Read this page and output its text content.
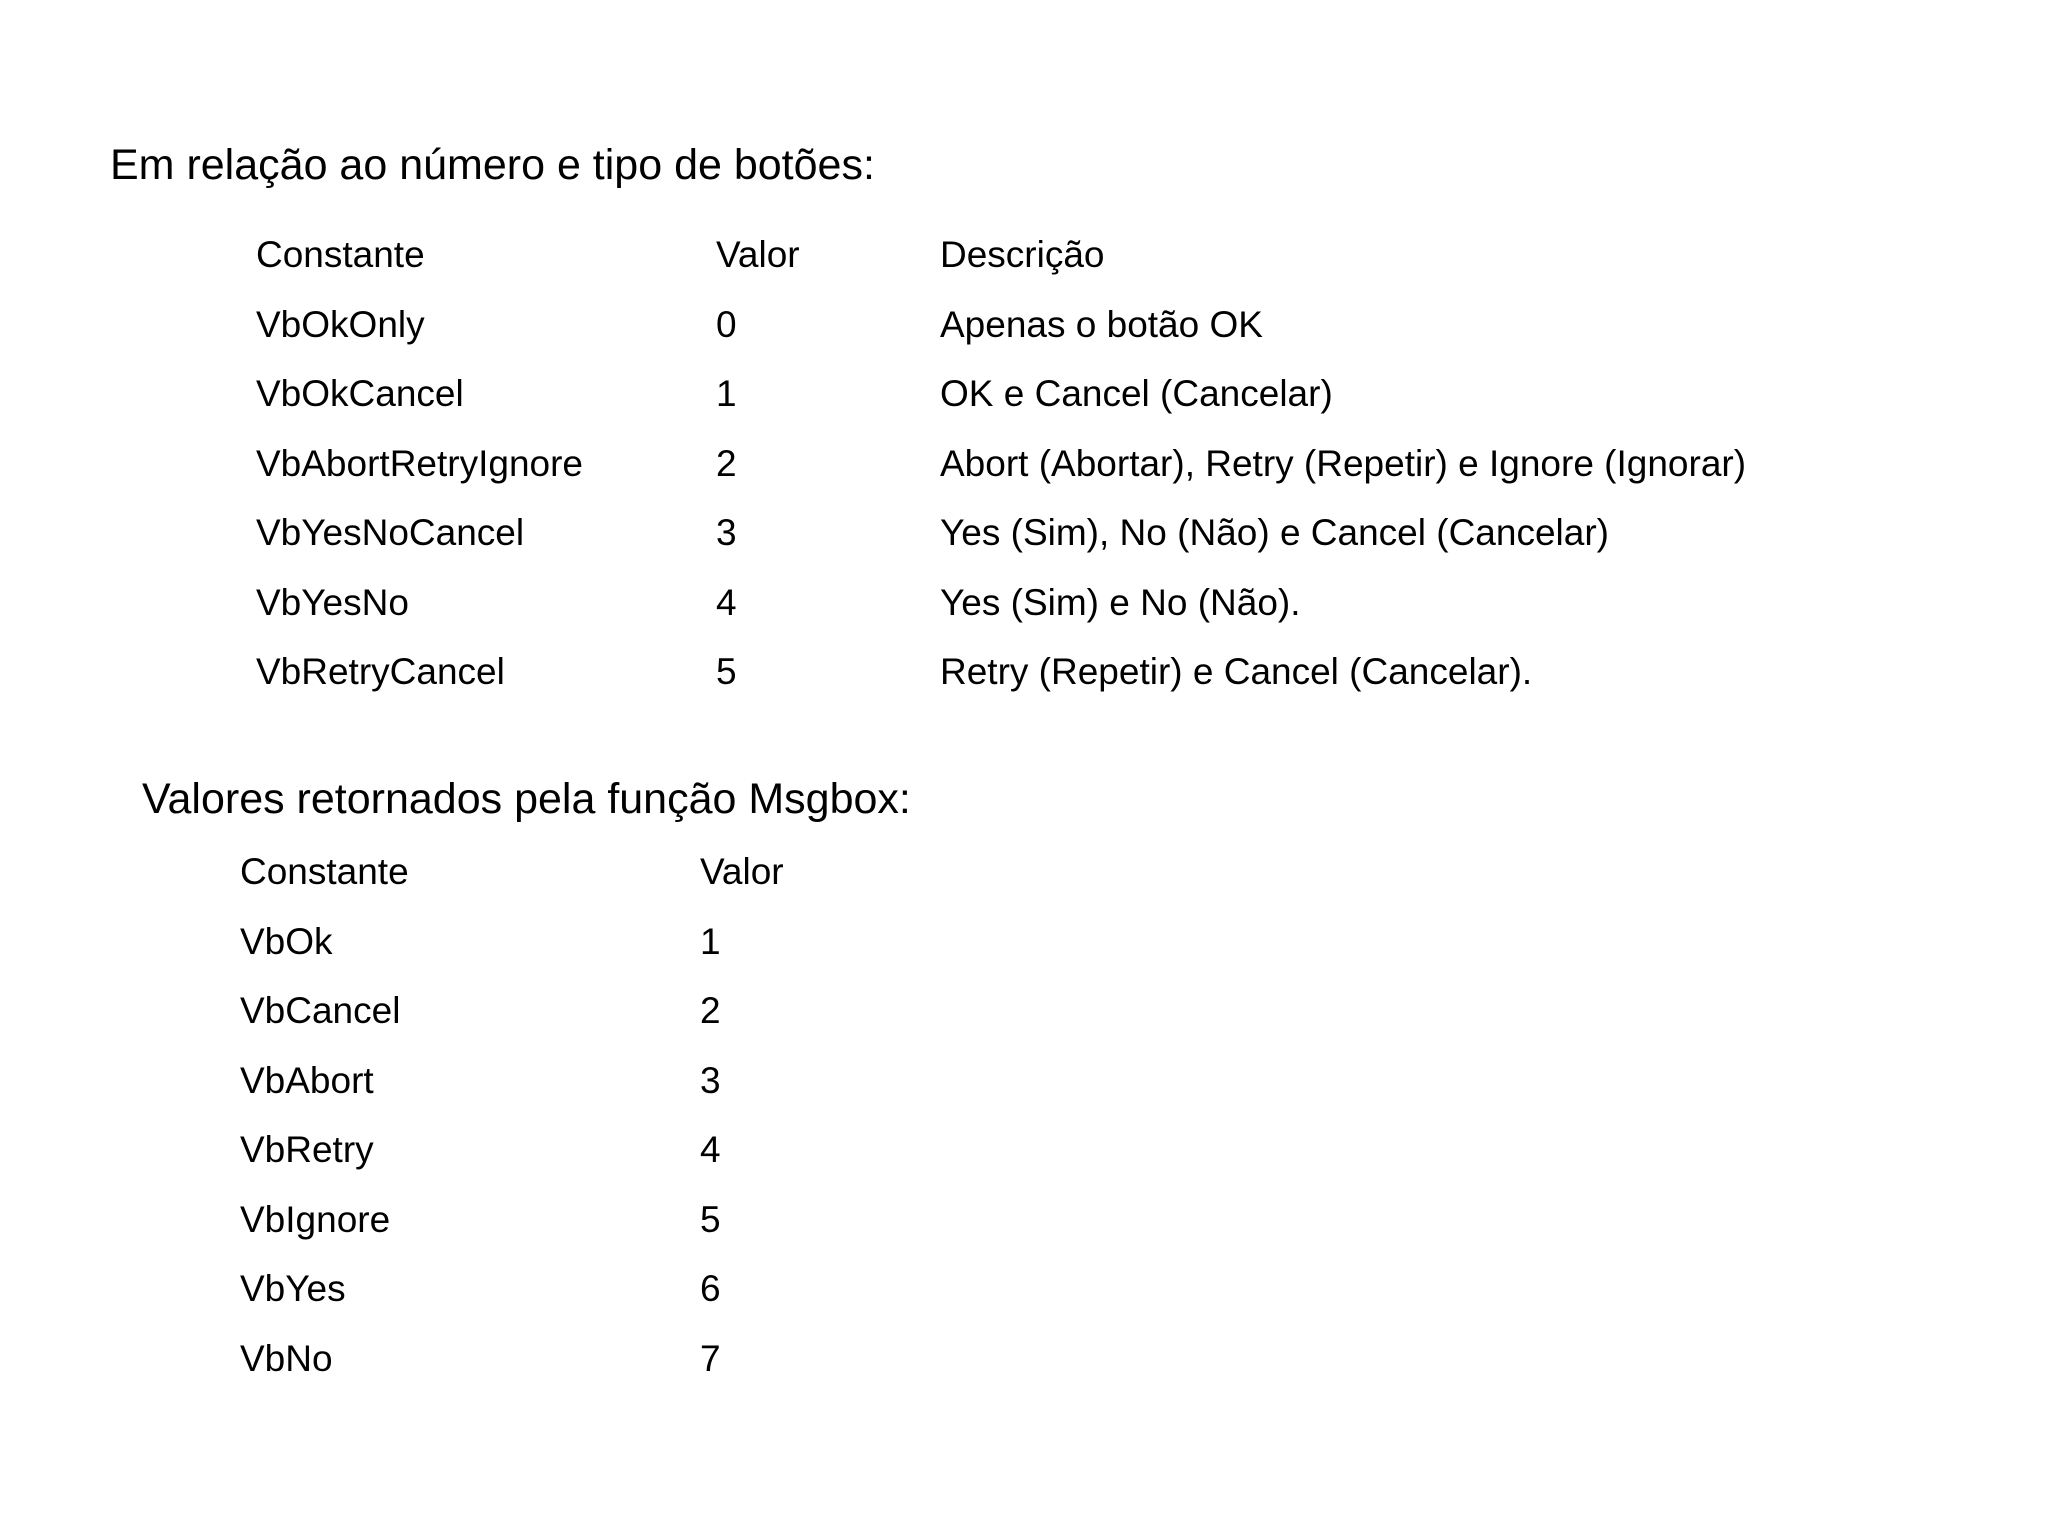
Em relação ao número e tipo de botões:
Constante	Valor	Descrição
VbOkOnly	0	Apenas o botão OK
VbOkCancel	1	OK e Cancel (Cancelar)
VbAbortRetryIgnore	2	Abort (Abortar), Retry (Repetir) e Ignore (Ignorar)
VbYesNoCancel	3	Yes (Sim), No (Não) e Cancel (Cancelar)
VbYesNo	4	Yes (Sim) e No (Não).
VbRetryCancel	5	Retry (Repetir) e Cancel (Cancelar).
Valores retornados pela função Msgbox:
Constante	Valor
VbOk	1
VbCancel	2
VbAbort	3
VbRetry	4
VbIgnore	5
VbYes	6
VbNo	7
